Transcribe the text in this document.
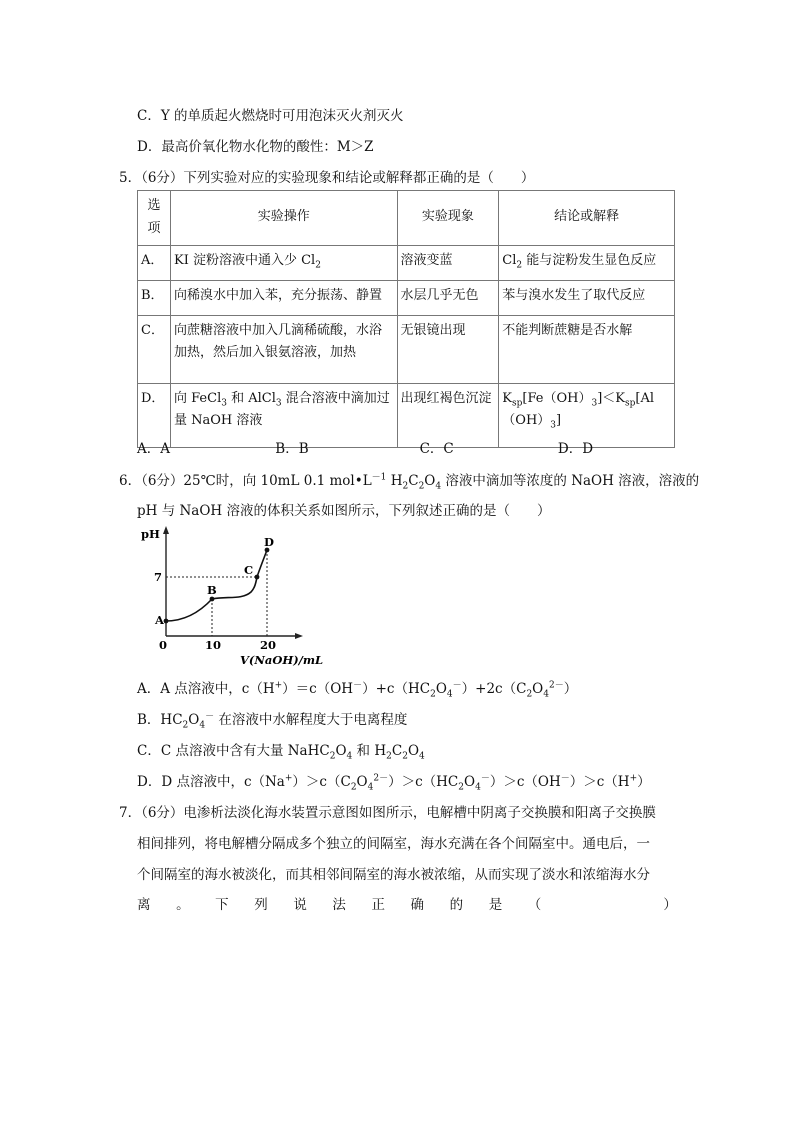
C．Y 的单质起火燃烧时可用泡沫灭火剂灭火
D．最高价氧化物水化物的酸性：M＞Z
5．（6分）下列实验对应的实验现象和结论或解释都正确的是（　　）
选项	实验操作	实验现象	结论或解释
A．	KI 淀粉溶液中通入少 $Cl_2$	溶液变蓝	$Cl_2$ 能与淀粉发生显色反应
B．	向稀溴水中加入苯，充分振荡、静置	水层几乎无色	苯与溴水发生了取代反应
C．	向蔗糖溶液中加入几滴稀硫酸，水浴加热，然后加入银氨溶液，加热	无银镜出现	不能判断蔗糖是否水解
D．	向 FeCl$_3$ 和 AlCl$_3$ 混合溶液中滴加过量 NaOH 溶液	出现红褐色沉淀	$K_{sp}[Fe(OH)_3]<K_{sp}[Al(OH)_3]$
A．A	B．B	C．C	D．D
6．（6分）25℃时，向 10mL 0.1 $mol•L^{-1}$ $H_2C_2O_4$ 溶液中滴加等浓度的 NaOH 溶液，溶液的
pH 与 NaOH 溶液的体积关系如图所示，下列叙述正确的是（　　）
pH
7
0	10	20
V(NaOH)/mL
A
B
C
D
A．A 点溶液中，$c(H^+)=c(OH^-)+c(HC_2O_4^-)+2c(C_2O_4^{2-})$
B．$HC_2O_4^-$ 在溶液中水解程度大于电离程度
C．C 点溶液中含有大量 $NaHC_2O_4$ 和 $H_2C_2O_4$
D．D 点溶液中，$c(Na^+)>c(C_2O_4^{2-})>c(HC_2O_4^-)>c(OH^-)>c(H^+)$
7．（6分）电渗析法淡化海水装置示意图如图所示，电解槽中阴离子交换膜和阳离子交换膜
相间排列，将电解槽分隔成多个独立的间隔室，海水充满在各个间隔室中。通电后，一
个间隔室的海水被淡化，而其相邻间隔室的海水被浓缩，从而实现了淡水和浓缩海水分
离 。 下 列 说 法 正 确 的 是 （	）
